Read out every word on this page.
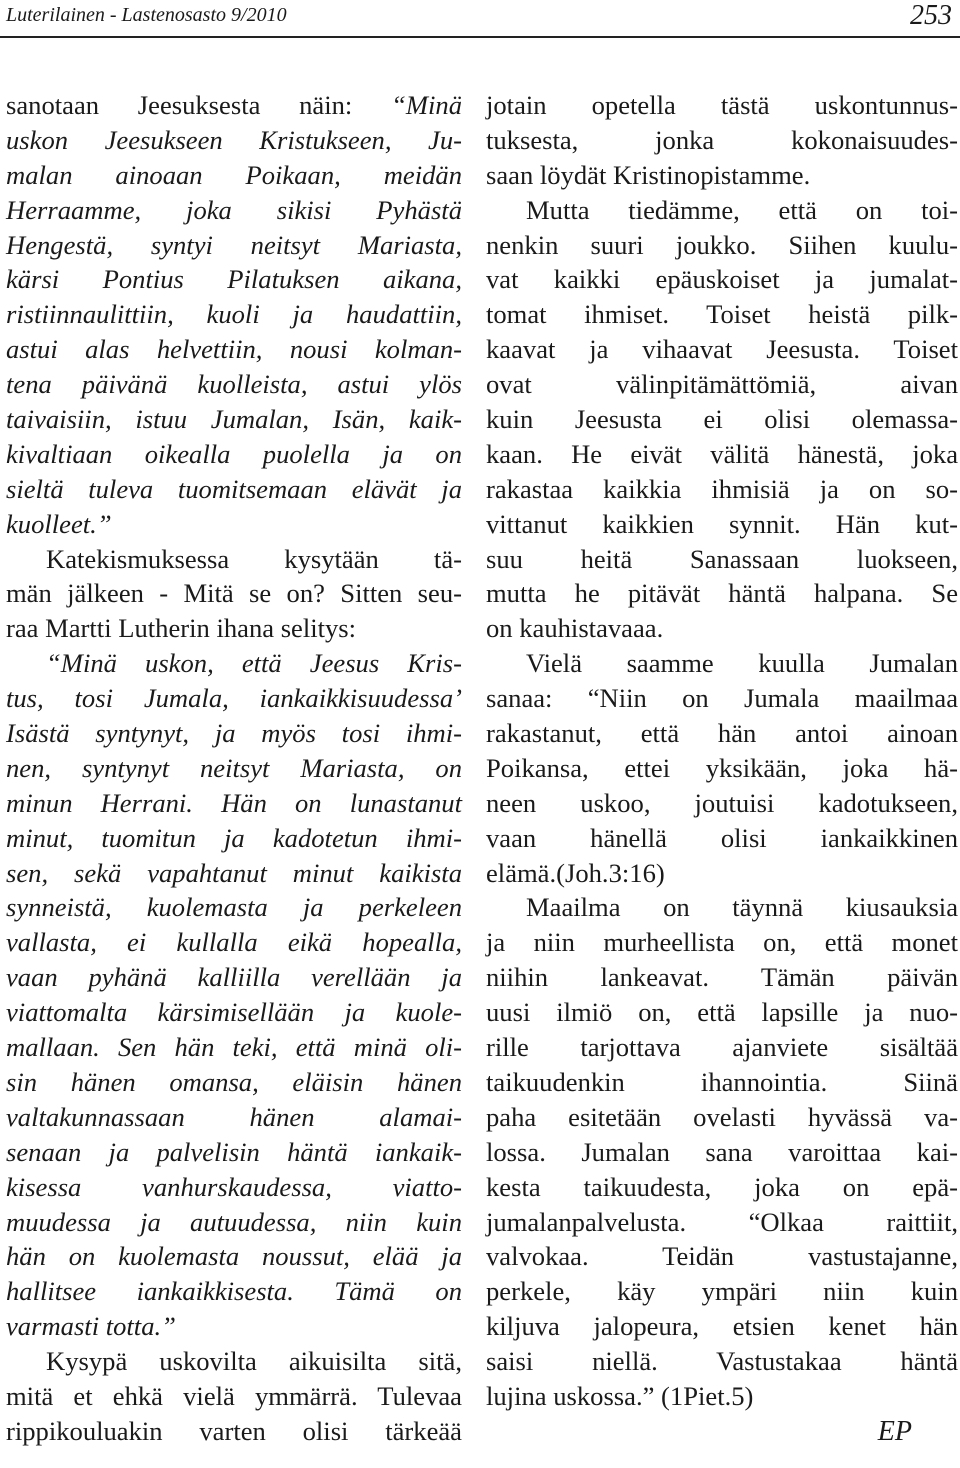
Luterilainen - Lastenosasto 9/2010	253
sanotaan Jeesuksesta näin: “Minä
uskon Jeesukseen Kristukseen, Ju-
malan ainoaan Poikaan, meidän
Herraamme, joka sikisi Pyhästä
Hengestä, syntyi neitsyt Mariasta,
kärsi Pontius Pilatuksen aikana,
ristiinnaulittiin, kuoli ja haudattiin,
astui alas helvettiin, nousi kolman-
tena päivänä kuolleista, astui ylös
taivaisiin, istuu Jumalan, Isän, kaik-
kivaltiaan oikealla puolella ja on
sieltä tuleva tuomitsemaan elävät ja
kuolleet.”
Katekismuksessa kysytään tä-
män jälkeen - Mitä se on? Sitten seu-
raa Martti Lutherin ihana selitys:
“Minä uskon, että Jeesus Kris-
tus, tosi Jumala, iankaikkisuudessa’
Isästä syntynyt, ja myös tosi ihmi-
nen, syntynyt neitsyt Mariasta, on
minun Herrani. Hän on lunastanut
minut, tuomitun ja kadotetun ihmi-
sen, sekä vapahtanut minut kaikista
synneistä, kuolemasta ja perkeleen
vallasta, ei kullalla eikä hopealla,
vaan pyhänä kalliilla verellään ja
viattomalta kärsimisellään ja kuole-
mallaan. Sen hän teki, että minä oli-
sin hänen omansa, eläisin hänen
valtakunnassaan hänen alamai-
senaan ja palvelisin häntä iankaik-
kisessa vanhurskaudessa, viatto-
muudessa ja autuudessa, niin kuin
hän on kuolemasta noussut, elää ja
hallitsee iankaikkisesta. Tämä on
varmasti totta.”
Kysypä uskovilta aikuisilta sitä,
mitä et ehkä vielä ymmärrä. Tulevaa
rippikouluakin varten olisi tärkeää
jotain opetella tästä uskontunnus-
tuksesta, jonka kokonaisuudes-
saan löydät Kristinopistamme.
Mutta tiedämme, että on toi-
nenkin suuri joukko. Siihen kuulu-
vat kaikki epäuskoiset ja jumalat-
tomat ihmiset. Toiset heistä pilk-
kaavat ja vihaavat Jeesusta. Toiset
ovat välinpitämättömiä, aivan
kuin Jeesusta ei olisi olemassa-
kaan. He eivät välitä hänestä, joka
rakastaa kaikkia ihmisiä ja on so-
vittanut kaikkien synnit. Hän kut-
suu heitä Sanassaan luokseen,
mutta he pitävät häntä halpana. Se
on kauhistavaaa.
Vielä saamme kuulla Jumalan
sanaa: “Niin on Jumala maailmaa
rakastanut, että hän antoi ainoan
Poikansa, ettei yksikään, joka hä-
neen uskoo, joutuisi kadotukseen,
vaan hänellä olisi iankaikkinen
elämä.(Joh.3:16)
Maailma on täynnä kiusauksia
ja niin murheellista on, että monet
niihin lankeavat. Tämän päivän
uusi ilmiö on, että lapsille ja nuo-
rille tarjottava ajanviete sisältää
taikuudenkin ihannointia. Siinä
paha esitetään ovelasti hyvässä va-
lossa. Jumalan sana varoittaa kai-
kesta taikuudesta, joka on epä-
jumalanpalvelusta. “Olkaa raittiit,
valvokaa. Teidän vastustajanne,
perkele, käy ympäri niin kuin
kiljuva jalopeura, etsien kenet hän
saisi niellä. Vastustakaa häntä
lujina uskossa.” (1Piet.5)
EP
